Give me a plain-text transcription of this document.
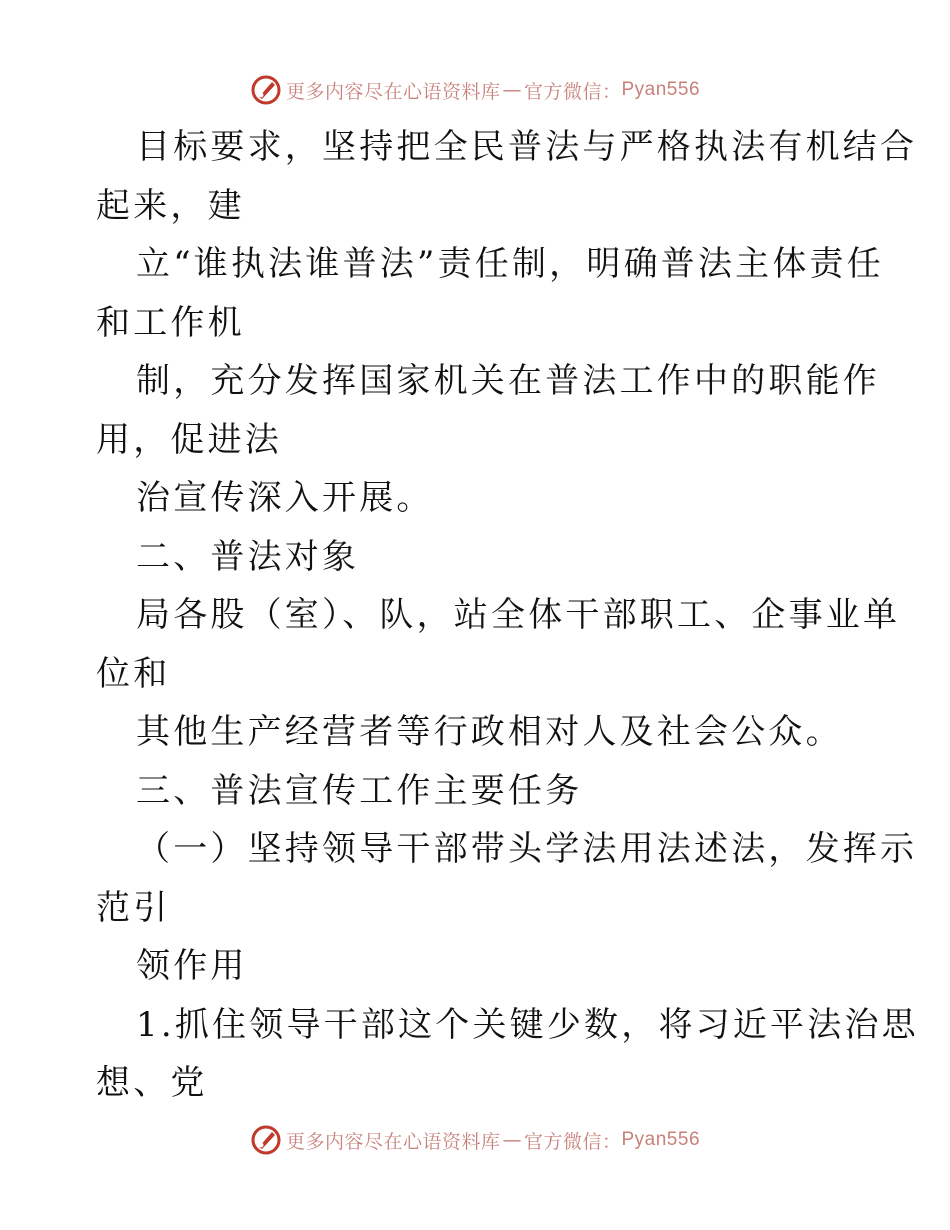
更多内容尽在心语资料库 — 官方微信： Pyan556
目标要求，坚持把全民普法与严格执法有机结合
起来，建
立“谁执法谁普法”责任制，明确普法主体责任
和工作机
制，充分发挥国家机关在普法工作中的职能作
用，促进法
治宣传深入开展。
二、普法对象
局各股（室）、队，站全体干部职工、企事业单
位和
其他生产经营者等行政相对人及社会公众。
三、普法宣传工作主要任务
（一）坚持领导干部带头学法用法述法，发挥示
范引
领作用
1.抓住领导干部这个关键少数，将习近平法治思
想、党
更多内容尽在心语资料库 — 官方微信： Pyan556
